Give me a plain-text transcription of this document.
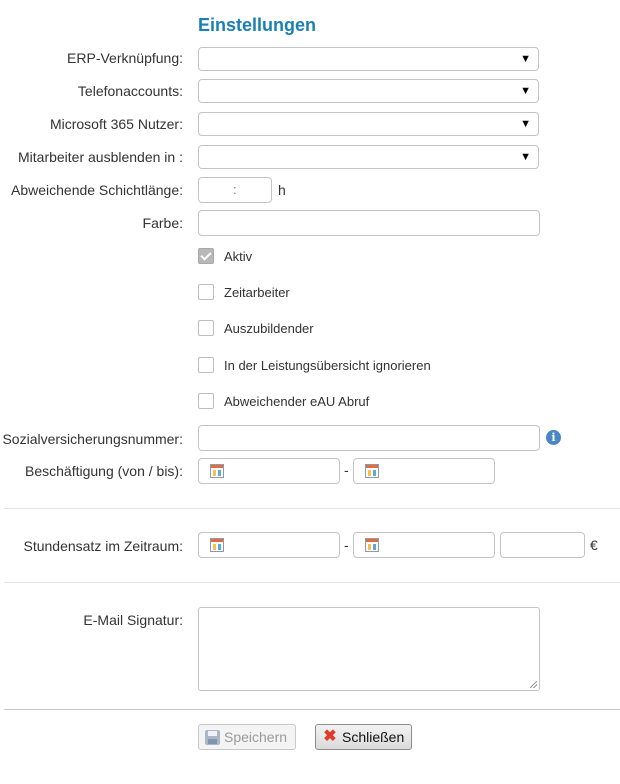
Einstellungen
ERP-Verknüpfung:	▼
Telefonaccounts:	▼
Microsoft 365 Nutzer:	▼
Mitarbeiter ausblenden in :	▼
Abweichende Schichtlänge:	:	h
Farbe:
Aktiv
Zeitarbeiter
Auszubildender
In der Leistungsübersicht ignorieren
Abweichender eAU Abruf
Sozialversicherungsnummer:	i
Beschäftigung (von / bis):	-
Stundensatz im Zeitraum:	-	€
E-Mail Signatur:
Speichern ✖ Schließen
